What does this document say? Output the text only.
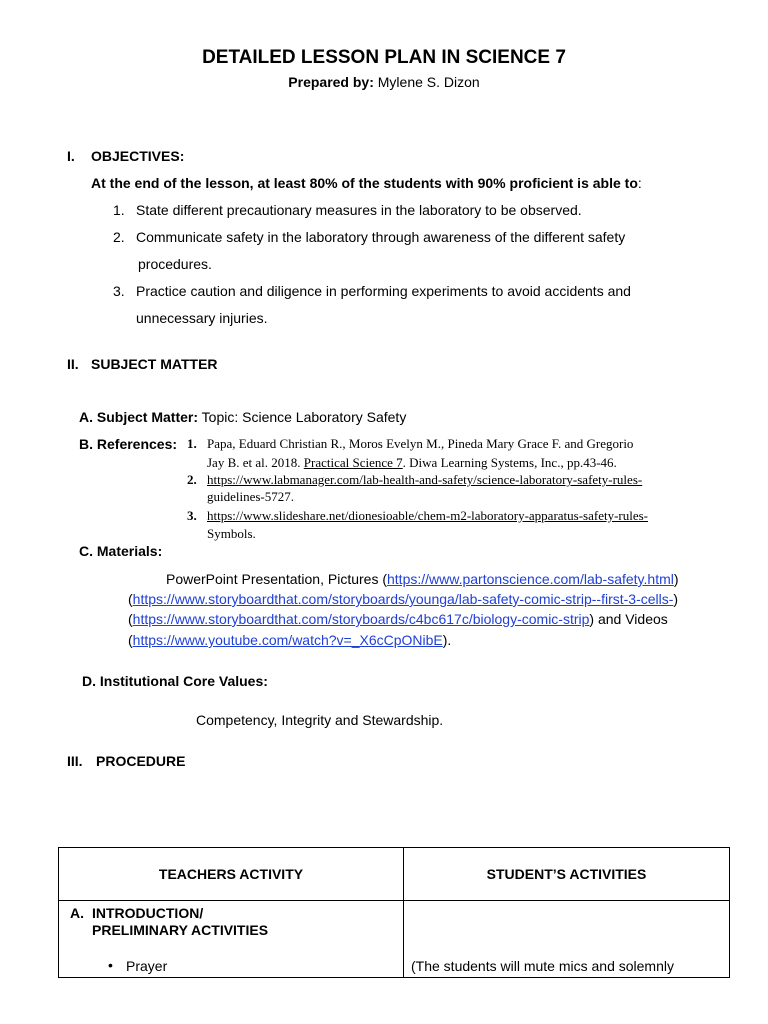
DETAILED LESSON PLAN IN SCIENCE 7
Prepared by: Mylene S. Dizon
I. OBJECTIVES:
At the end of the lesson, at least 80% of the students with 90% proficient is able to:
1. State different precautionary measures in the laboratory to be observed.
2. Communicate safety in the laboratory through awareness of the different safety
procedures.
3. Practice caution and diligence in performing experiments to avoid accidents and
unnecessary injuries.
II. SUBJECT MATTER
A. Subject Matter: Topic: Science Laboratory Safety
B. References: 1. Papa, Eduard Christian R., Moros Evelyn M., Pineda Mary Grace F. and Gregorio
Jay B. et al. 2018. Practical Science 7. Diwa Learning Systems, Inc., pp.43-46.
2. https://www.labmanager.com/lab-health-and-safety/science-laboratory-safety-rules-
guidelines-5727.
3. https://www.slideshare.net/dionesioable/chem-m2-laboratory-apparatus-safety-rules-
Symbols.
C. Materials:
PowerPoint Presentation, Pictures (https://www.partonscience.com/lab-safety.html)
(https://www.storyboardthat.com/storyboards/younga/lab-safety-comic-strip--first-3-cells-)
(https://www.storyboardthat.com/storyboards/c4bc617c/biology-comic-strip) and Videos
(https://www.youtube.com/watch?v=_X6cCpONibE).
D. Institutional Core Values:
Competency, Integrity and Stewardship.
III. PROCEDURE
TEACHERS ACTIVITY	STUDENT’S ACTIVITIES

A. INTRODUCTION/
PRELIMINARY ACTIVITIES
• Prayer	(The students will mute mics and solemnly
